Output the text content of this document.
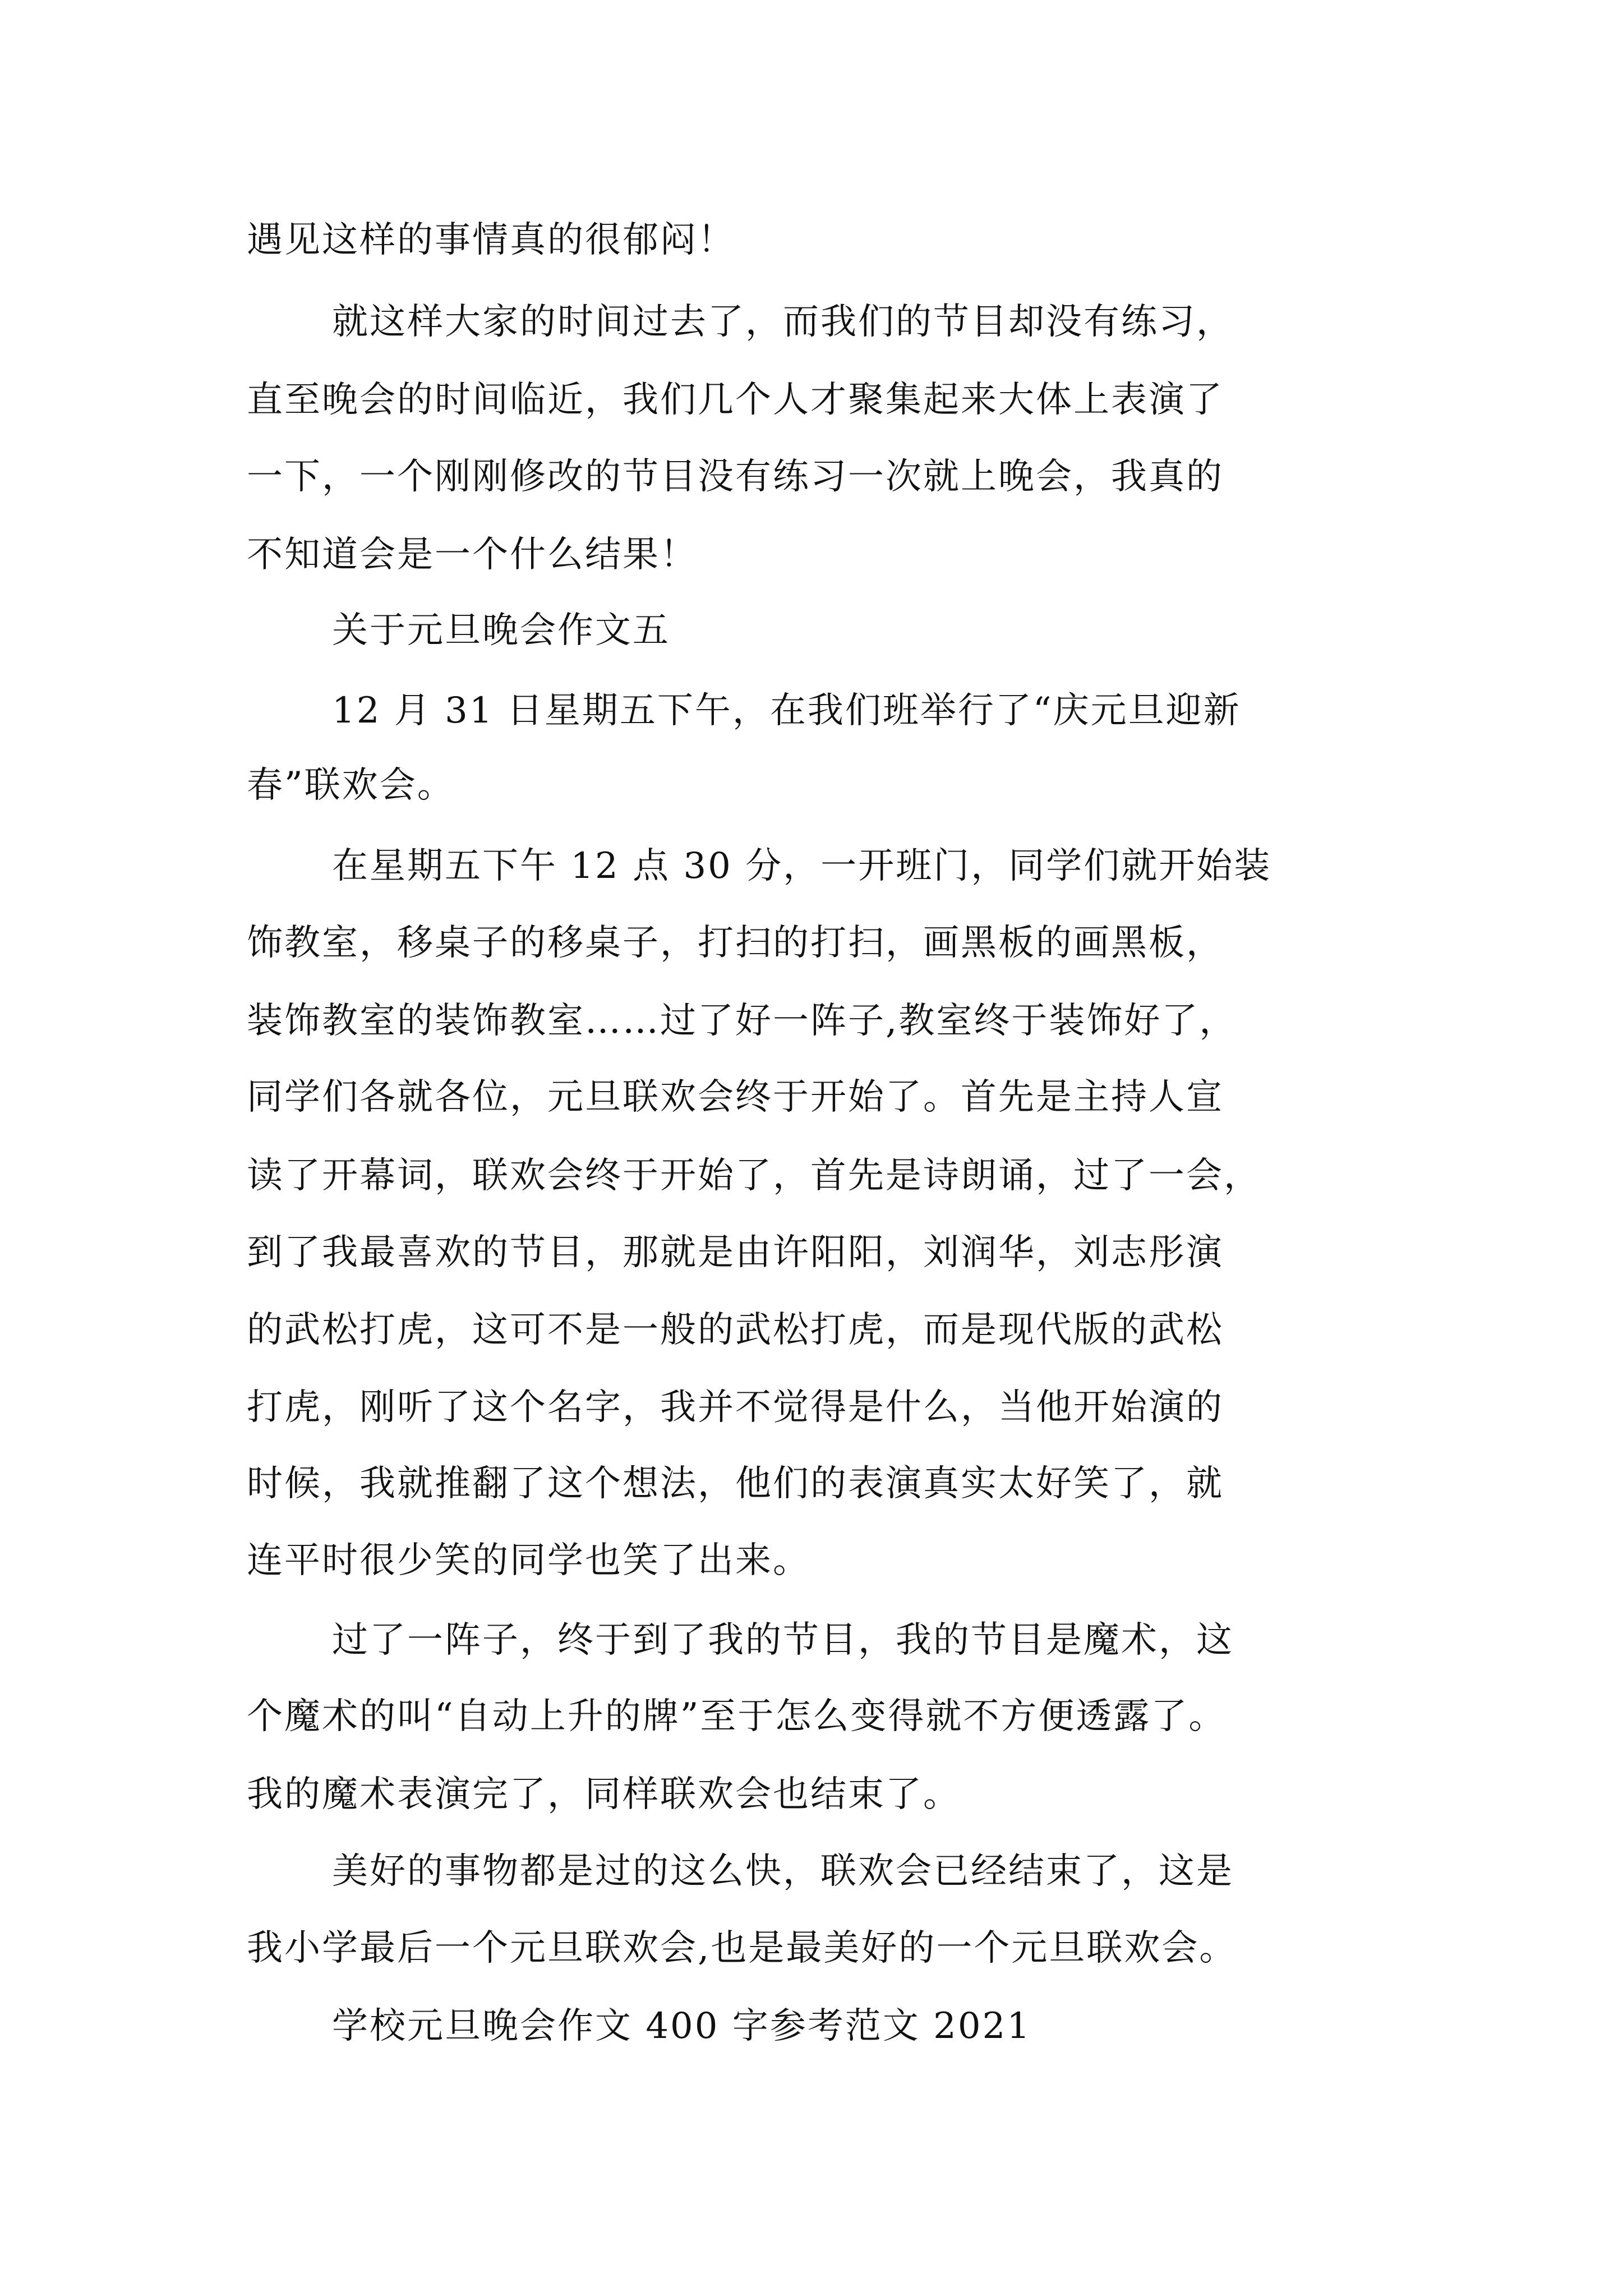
遇见这样的事情真的很郁闷！

就这样大家的时间过去了，而我们的节目却没有练习，

直至晚会的时间临近，我们几个人才聚集起来大体上表演了

一下，一个刚刚修改的节目没有练习一次就上晚会，我真的

不知道会是一个什么结果！

关于元旦晚会作文五

12 月 31 日星期五下午，在我们班举行了“庆元旦迎新

春”联欢会。

在星期五下午 12 点 30 分，一开班门，同学们就开始装

饰教室，移桌子的移桌子，打扫的打扫，画黑板的画黑板，

装饰教室的装饰教室……过了好一阵子,教室终于装饰好了，

同学们各就各位，元旦联欢会终于开始了。首先是主持人宣

读了开幕词，联欢会终于开始了，首先是诗朗诵，过了一会，

到了我最喜欢的节目，那就是由许阳阳，刘润华，刘志彤演

的武松打虎，这可不是一般的武松打虎，而是现代版的武松

打虎，刚听了这个名字，我并不觉得是什么，当他开始演的

时候，我就推翻了这个想法，他们的表演真实太好笑了，就

连平时很少笑的同学也笑了出来。

过了一阵子，终于到了我的节目，我的节目是魔术，这

个魔术的叫“自动上升的牌”至于怎么变得就不方便透露了。

我的魔术表演完了，同样联欢会也结束了。

美好的事物都是过的这么快，联欢会已经结束了，这是

我小学最后一个元旦联欢会,也是最美好的一个元旦联欢会。

学校元旦晚会作文 400 字参考范文 2021
